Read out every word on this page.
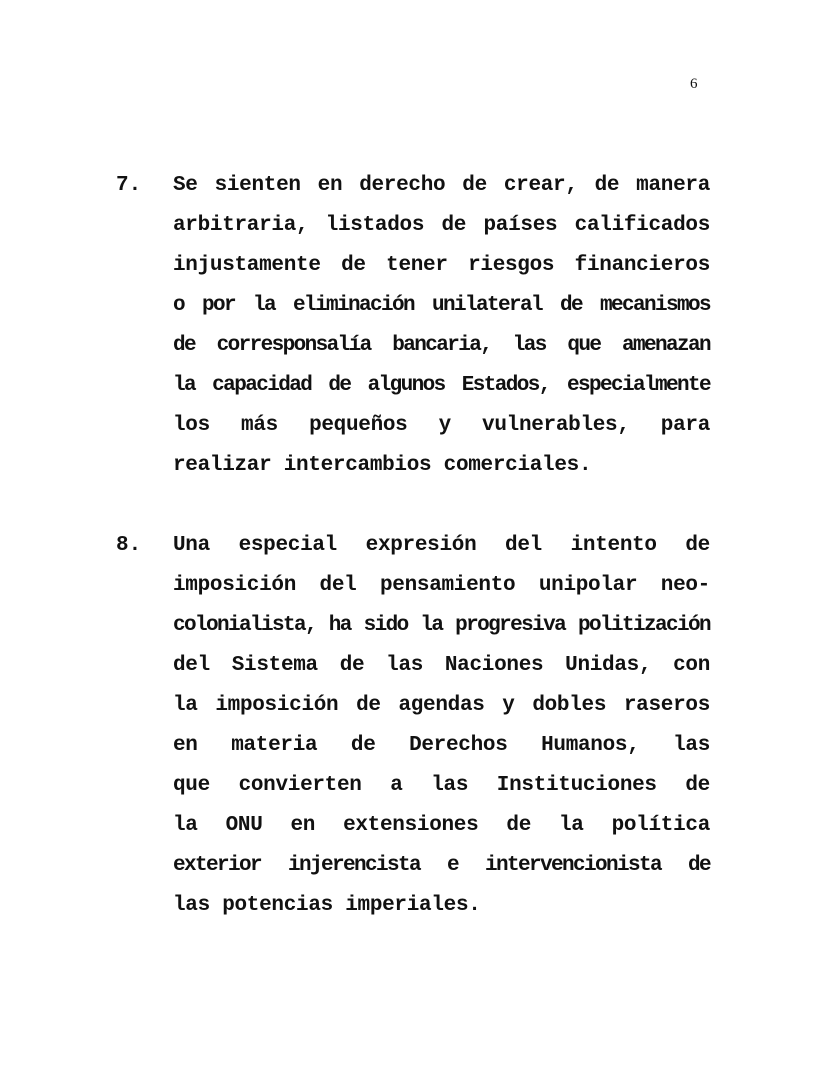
6
7. Se sienten en derecho de crear, de manera
arbitraria, listados de países calificados
injustamente de tener riesgos financieros
o por la eliminación unilateral de mecanismos
de corresponsalía bancaria, las que amenazan
la capacidad de algunos Estados, especialmente
los más pequeños y vulnerables, para
realizar intercambios comerciales.
8. Una especial expresión del intento de
imposición del pensamiento unipolar neo-
colonialista, ha sido la progresiva politización
del Sistema de las Naciones Unidas, con
la imposición de agendas y dobles raseros
en materia de Derechos Humanos, las
que convierten a las Instituciones de
la ONU en extensiones de la política
exterior injerencista e intervencionista de
las potencias imperiales.
